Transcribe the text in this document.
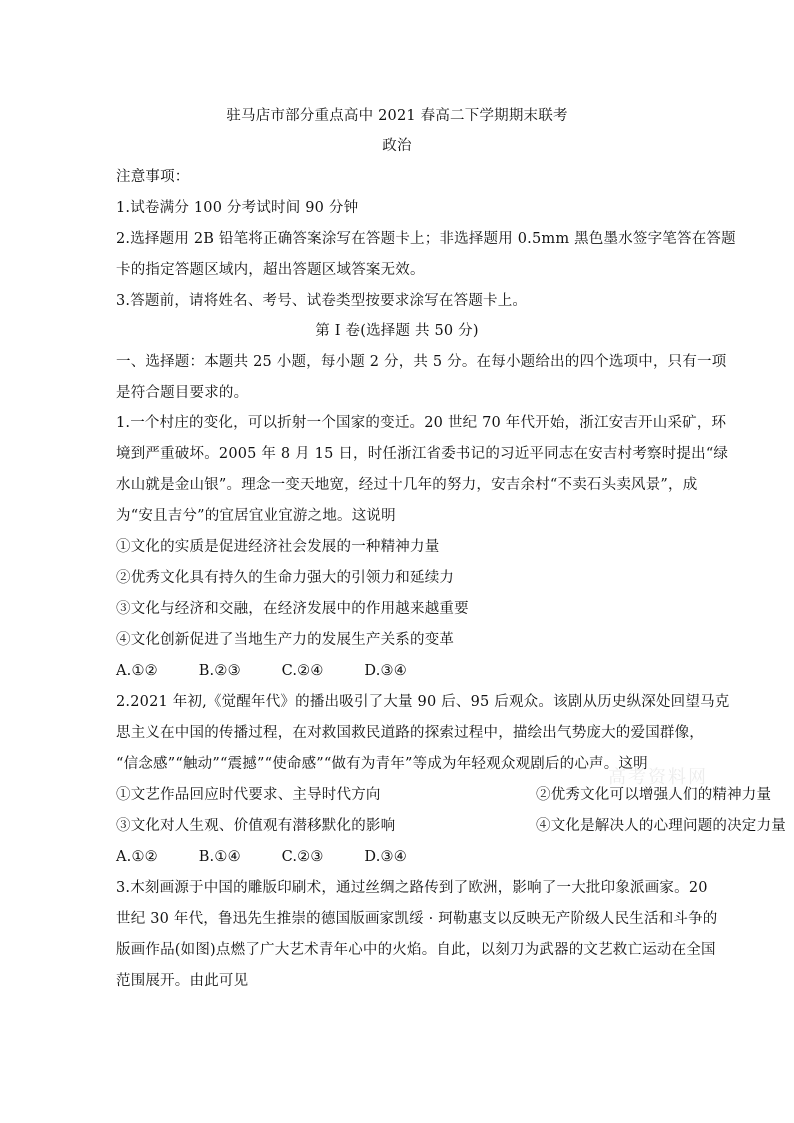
驻马店市部分重点高中 2021 春高二下学期期末联考
政治
注意事项：
1.试卷满分 100 分考试时间 90 分钟
2.选择题用 2B 铅笔将正确答案涂写在答题卡上；非选择题用 0.5mm 黑色墨水签字笔答在答题
卡的指定答题区域内，超出答题区域答案无效。
3.答题前，请将姓名、考号、试卷类型按要求涂写在答题卡上。
第 I 卷(选择题 共 50 分)
一、选择题：本题共 25 小题，每小题 2 分，共 5 分。在每小题给出的四个选项中，只有一项
是符合题目要求的。
1.一个村庄的变化，可以折射一个国家的变迁。20 世纪 70 年代开始，浙江安吉开山采矿，环
境到严重破坏。2005 年 8 月 15 日，时任浙江省委书记的习近平同志在安吉村考察时提出“绿
水山就是金山银”。理念一变天地宽，经过十几年的努力，安吉余村“不卖石头卖风景”，成
为“安且吉兮”的宜居宜业宜游之地。这说明
①文化的实质是促进经济社会发展的一种精神力量
②优秀文化具有持久的生命力强大的引领力和延续力
③文化与经济和交融，在经济发展中的作用越来越重要
④文化创新促进了当地生产力的发展生产关系的变革
A.①②	B.②③	C.②④	D.③④
2.2021 年初,《觉醒年代》的播出吸引了大量 90 后、95 后观众。该剧从历史纵深处回望马克
思主义在中国的传播过程，在对救国救民道路的探索过程中，描绘出气势庞大的爱国群像，
“信念感”“触动”“震撼”“使命感”“做有为青年”等成为年轻观众观剧后的心声。这明
①文艺作品回应时代要求、主导时代方向	②优秀文化可以增强人们的精神力量
③文化对人生观、价值观有潜移默化的影响	④文化是解决人的心理问题的决定力量
A.①②	B.①④	C.②③	D.③④
3.木刻画源于中国的雕版印刷术，通过丝绸之路传到了欧洲，影响了一大批印象派画家。20
世纪 30 年代，鲁迅先生推崇的德国版画家凯绥 · 珂勒惠支以反映无产阶级人民生活和斗争的
版画作品(如图)点燃了广大艺术青年心中的火焰。自此，以刻刀为武器的文艺救亡运动在全国
范围展开。由此可见
高考资料网
